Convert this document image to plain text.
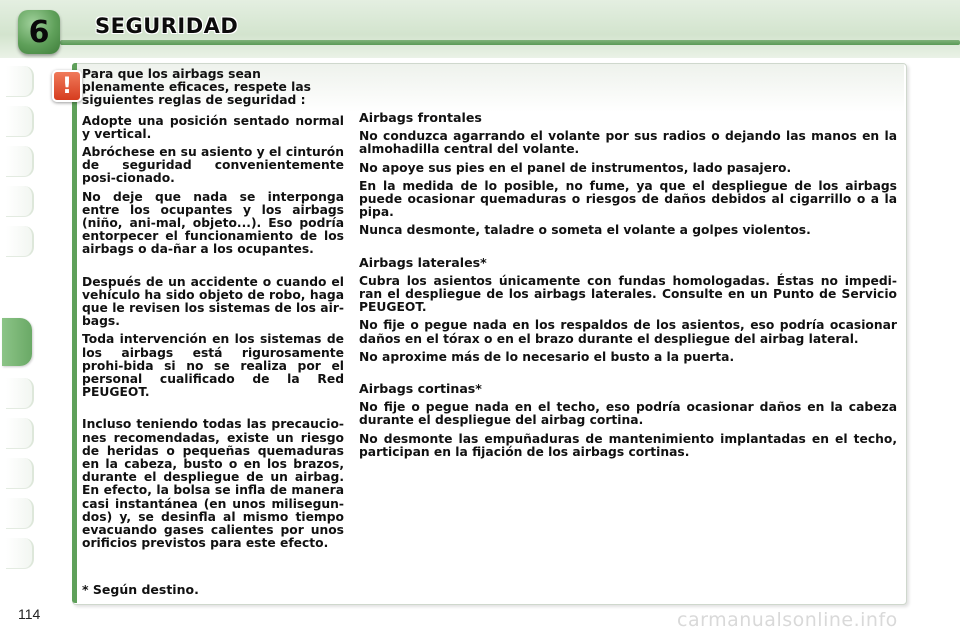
6 SEGURIDAD
! Para que los airbags sean plenamente eficaces, respete las siguientes reglas de seguridad :

Adopte una posición sentado normal y vertical.

Abróchese en su asiento y el cinturón de seguridad convenientemente posi-cionado.

No deje que nada se interponga entre los ocupantes y los airbags (niño, ani-mal, objeto...). Eso podría entorpecer el funcionamiento de los airbags o da-ñar a los ocupantes.

Después de un accidente o cuando el vehículo ha sido objeto de robo, haga que le revisen los sistemas de los air-bags.

Toda intervención en los sistemas de los airbags está rigurosamente prohi-bida si no se realiza por el personal cualificado de la Red PEUGEOT.

Incluso teniendo todas las precaucio-nes recomendadas, existe un riesgo de heridas o pequeñas quemaduras en la cabeza, busto o en los brazos, durante el despliegue de un airbag. En efecto, la bolsa se infla de manera casi instantánea (en unos milisegun-dos) y, se desinfla al mismo tiempo evacuando gases calientes por unos orificios previstos para este efecto.

Airbags frontales

No conduzca agarrando el volante por sus radios o dejando las manos en la almohadilla central del volante.

No apoye sus pies en el panel de instrumentos, lado pasajero.

En la medida de lo posible, no fume, ya que el despliegue de los airbags puede ocasionar quemaduras o riesgos de daños debidos al cigarrillo o a la pipa.

Nunca desmonte, taladre o someta el volante a golpes violentos.

Airbags laterales*

Cubra los asientos únicamente con fundas homologadas. Éstas no impedi-ran el despliegue de los airbags laterales. Consulte en un Punto de Servicio PEUGEOT.

No fije o pegue nada en los respaldos de los asientos, eso podría ocasionar daños en el tórax o en el brazo durante el despliegue del airbag lateral.

No aproxime más de lo necesario el busto a la puerta.

Airbags cortinas*

No fije o pegue nada en el techo, eso podría ocasionar daños en la cabeza durante el despliegue del airbag cortina.

No desmonte las empuñaduras de mantenimiento implantadas en el techo, participan en la fijación de los airbags cortinas.

* Según destino.
114	carmanualsonline.info
